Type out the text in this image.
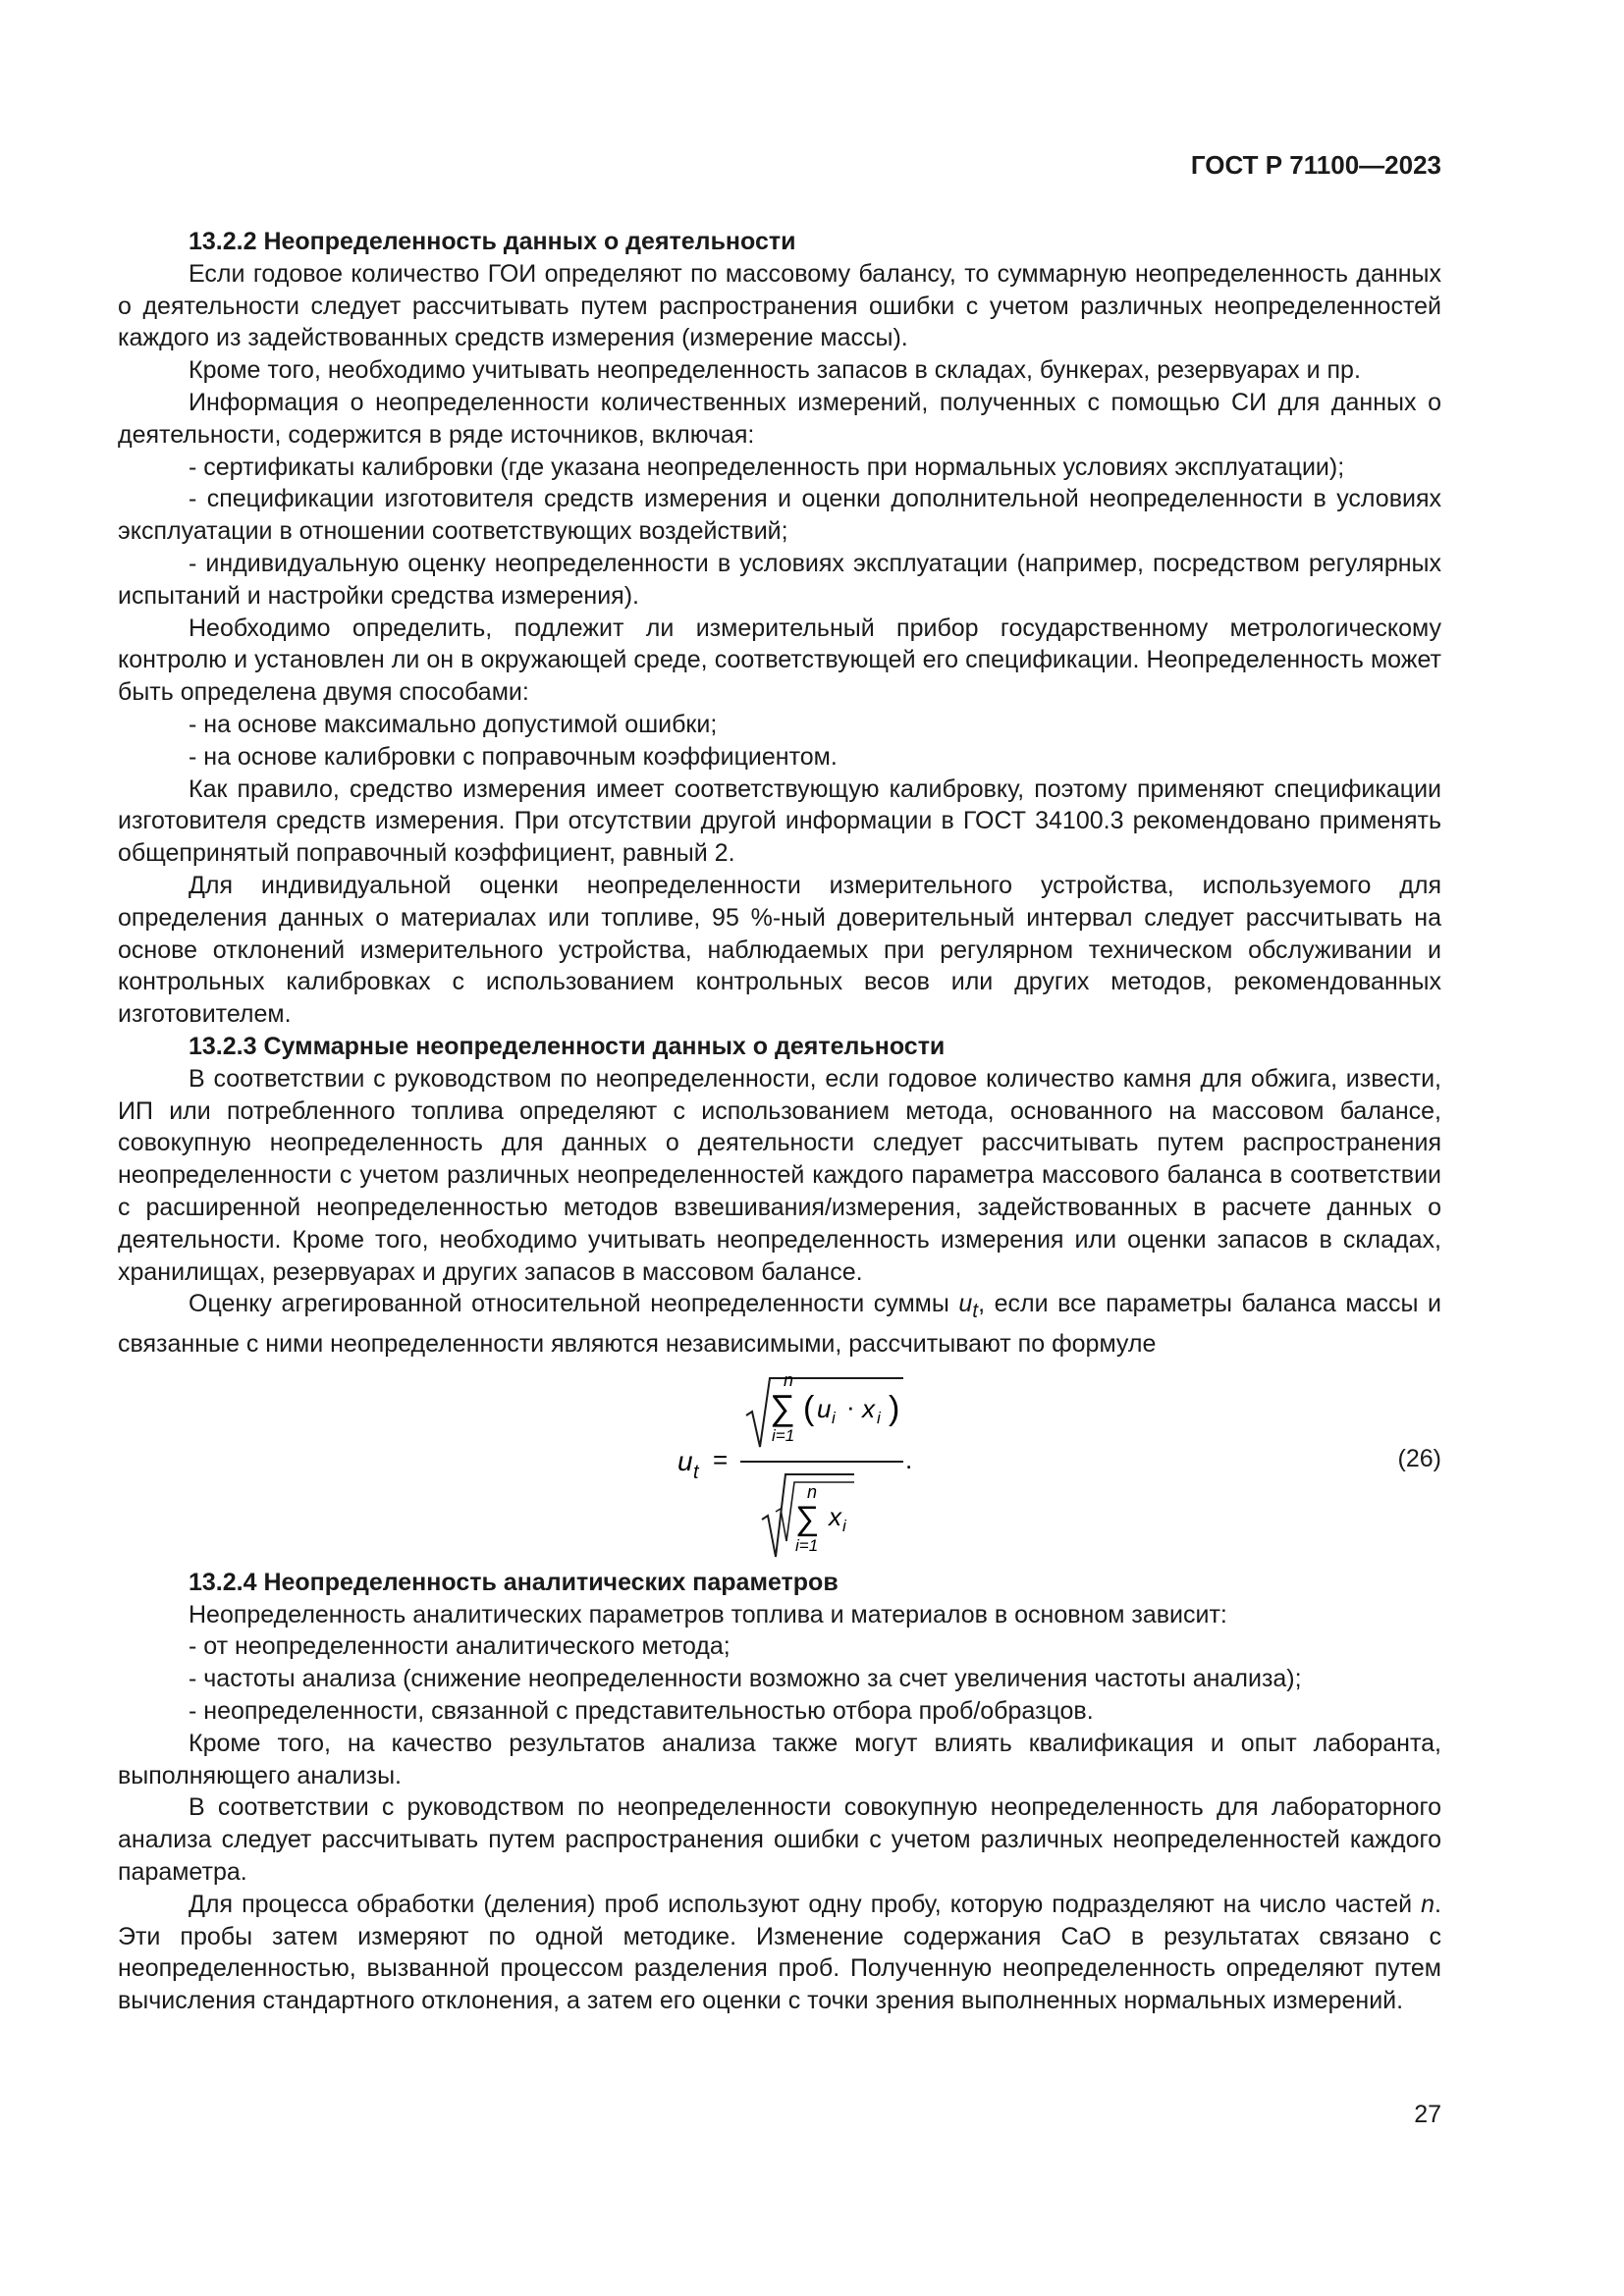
ГОСТ Р 71100—2023

13.2.2 Неопределенность данных о деятельности

Если годовое количество ГОИ определяют по массовому балансу, то суммарную неопределенность данных о деятельности следует рассчитывать путем распространения ошибки с учетом различных неопределенностей каждого из задействованных средств измерения (измерение массы).

Кроме того, необходимо учитывать неопределенность запасов в складах, бункерах, резервуарах и пр.

Информация о неопределенности количественных измерений, полученных с помощью СИ для данных о деятельности, содержится в ряде источников, включая:

- сертификаты калибровки (где указана неопределенность при нормальных условиях эксплуатации);

- спецификации изготовителя средств измерения и оценки дополнительной неопределенности в условиях эксплуатации в отношении соответствующих воздействий;

- индивидуальную оценку неопределенности в условиях эксплуатации (например, посредством регулярных испытаний и настройки средства измерения).

Необходимо определить, подлежит ли измерительный прибор государственному метрологическому контролю и установлен ли он в окружающей среде, соответствующей его спецификации. Неопределенность может быть определена двумя способами:

- на основе максимально допустимой ошибки;

- на основе калибровки с поправочным коэффициентом.

Как правило, средство измерения имеет соответствующую калибровку, поэтому применяют спецификации изготовителя средств измерения. При отсутствии другой информации в ГОСТ 34100.3 рекомендовано применять общепринятый поправочный коэффициент, равный 2.

Для индивидуальной оценки неопределенности измерительного устройства, используемого для определения данных о материалах или топливе, 95 %-ный доверительный интервал следует рассчитывать на основе отклонений измерительного устройства, наблюдаемых при регулярном техническом обслуживании и контрольных калибровках с использованием контрольных весов или других методов, рекомендованных изготовителем.

13.2.3 Суммарные неопределенности данных о деятельности

В соответствии с руководством по неопределенности, если годовое количество камня для обжига, извести, ИП или потребленного топлива определяют с использованием метода, основанного на массовом балансе, совокупную неопределенность для данных о деятельности следует рассчитывать путем распространения неопределенности с учетом различных неопределенностей каждого параметра массового баланса в соответствии с расширенной неопределенностью методов взвешивания/измерения, задействованных в расчете данных о деятельности. Кроме того, необходимо учитывать неопределенность измерения или оценки запасов в складах, хранилищах, резервуарах и других запасов в массовом балансе.

Оценку агрегированной относительной неопределенности суммы $u_t$, если все параметры баланса массы и связанные с ними неопределенности являются независимыми, рассчитывают по формуле

u t =
n
∑
i=1
( u i · x i )
.
n
∑
i=1
x i
(26)

13.2.4 Неопределенность аналитических параметров

Неопределенность аналитических параметров топлива и материалов в основном зависит:

- от неопределенности аналитического метода;

- частоты анализа (снижение неопределенности возможно за счет увеличения частоты анализа);

- неопределенности, связанной с представительностью отбора проб/образцов.

Кроме того, на качество результатов анализа также могут влиять квалификация и опыт лаборанта, выполняющего анализы.

В соответствии с руководством по неопределенности совокупную неопределенность для лабораторного анализа следует рассчитывать путем распространения ошибки с учетом различных неопределенностей каждого параметра.

Для процесса обработки (деления) проб используют одну пробу, которую подразделяют на число частей n. Эти пробы затем измеряют по одной методике. Изменение содержания CaO в результатах связано с неопределенностью, вызванной процессом разделения проб. Полученную неопределенность определяют путем вычисления стандартного отклонения, а затем его оценки с точки зрения выполненных нормальных измерений.

27
